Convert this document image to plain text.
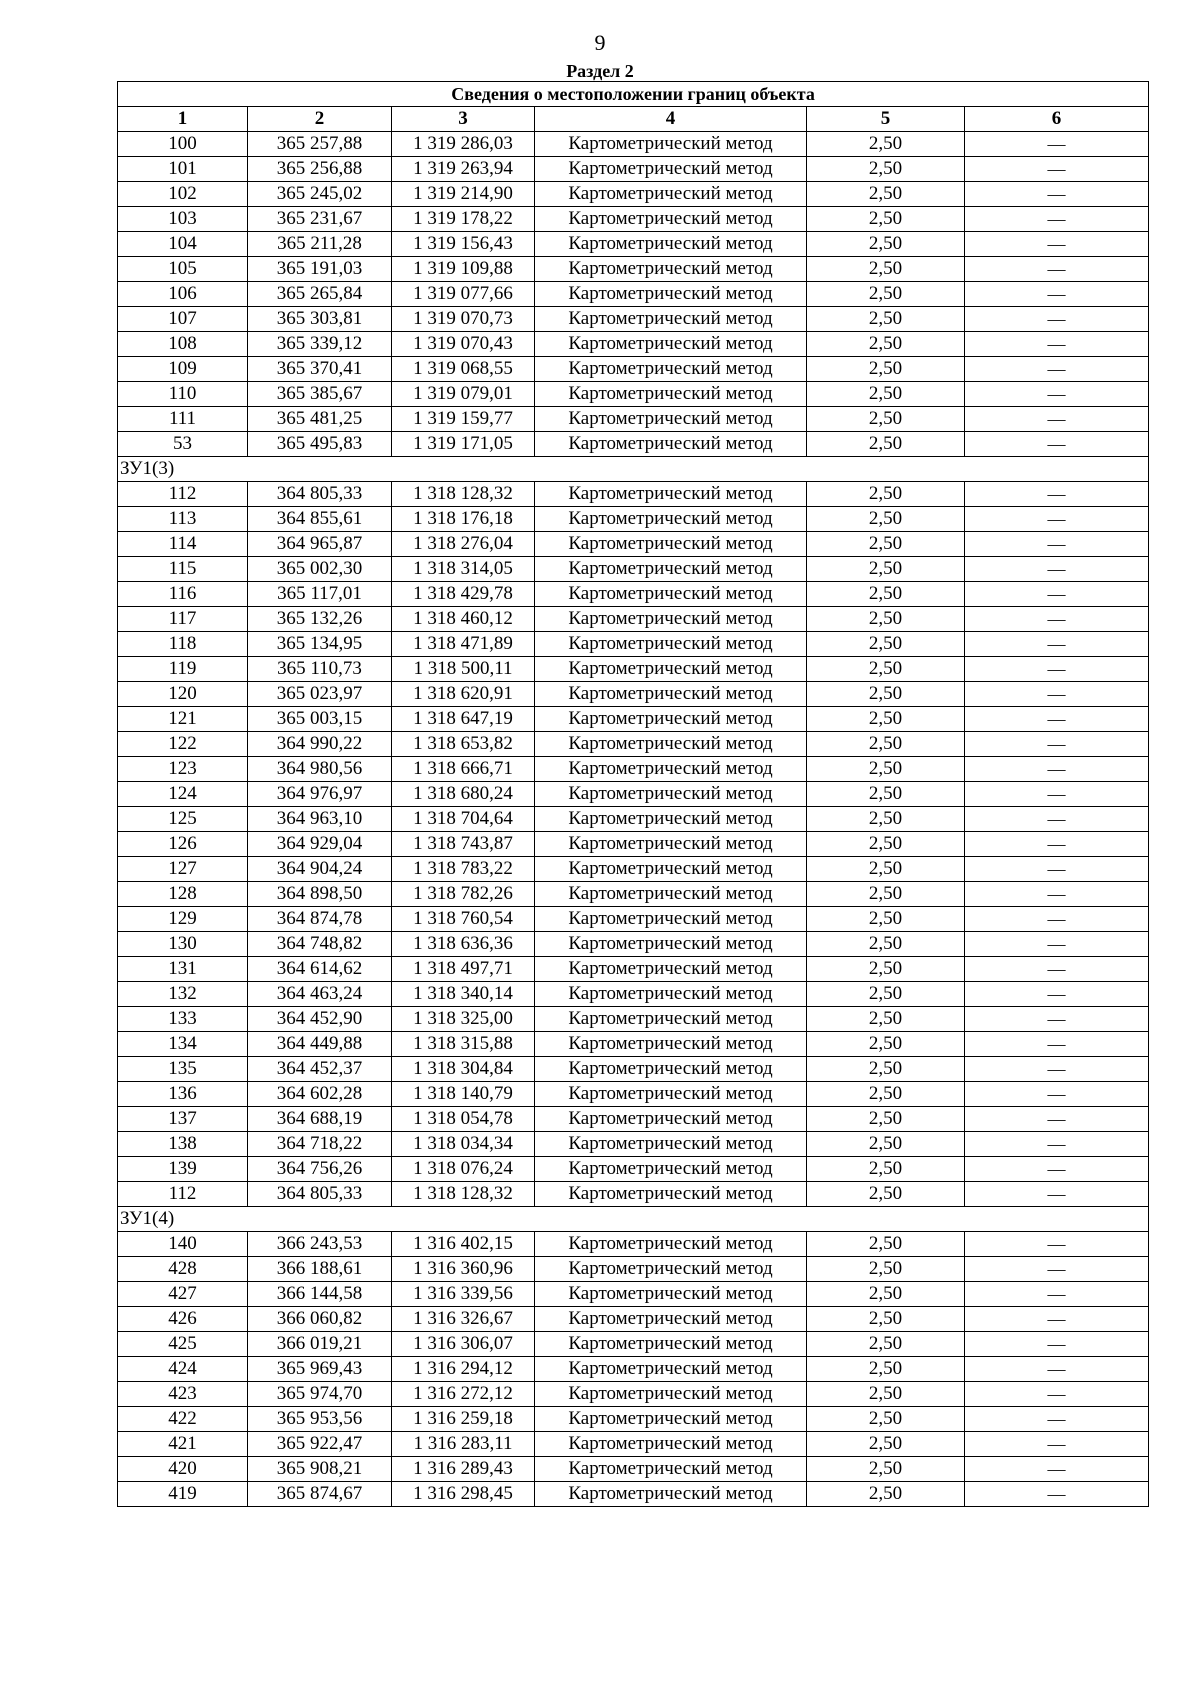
9
Раздел 2
Сведения о местоположении границ объекта					
1	2	3	4	5	6
100	365 257,88	1 319 286,03	Картометрический метод	2,50	—
101	365 256,88	1 319 263,94	Картометрический метод	2,50	—
102	365 245,02	1 319 214,90	Картометрический метод	2,50	—
103	365 231,67	1 319 178,22	Картометрический метод	2,50	—
104	365 211,28	1 319 156,43	Картометрический метод	2,50	—
105	365 191,03	1 319 109,88	Картометрический метод	2,50	—
106	365 265,84	1 319 077,66	Картометрический метод	2,50	—
107	365 303,81	1 319 070,73	Картометрический метод	2,50	—
108	365 339,12	1 319 070,43	Картометрический метод	2,50	—
109	365 370,41	1 319 068,55	Картометрический метод	2,50	—
110	365 385,67	1 319 079,01	Картометрический метод	2,50	—
111	365 481,25	1 319 159,77	Картометрический метод	2,50	—
53	365 495,83	1 319 171,05	Картометрический метод	2,50	—
ЗУ1(3)					
112	364 805,33	1 318 128,32	Картометрический метод	2,50	—
113	364 855,61	1 318 176,18	Картометрический метод	2,50	—
114	364 965,87	1 318 276,04	Картометрический метод	2,50	—
115	365 002,30	1 318 314,05	Картометрический метод	2,50	—
116	365 117,01	1 318 429,78	Картометрический метод	2,50	—
117	365 132,26	1 318 460,12	Картометрический метод	2,50	—
118	365 134,95	1 318 471,89	Картометрический метод	2,50	—
119	365 110,73	1 318 500,11	Картометрический метод	2,50	—
120	365 023,97	1 318 620,91	Картометрический метод	2,50	—
121	365 003,15	1 318 647,19	Картометрический метод	2,50	—
122	364 990,22	1 318 653,82	Картометрический метод	2,50	—
123	364 980,56	1 318 666,71	Картометрический метод	2,50	—
124	364 976,97	1 318 680,24	Картометрический метод	2,50	—
125	364 963,10	1 318 704,64	Картометрический метод	2,50	—
126	364 929,04	1 318 743,87	Картометрический метод	2,50	—
127	364 904,24	1 318 783,22	Картометрический метод	2,50	—
128	364 898,50	1 318 782,26	Картометрический метод	2,50	—
129	364 874,78	1 318 760,54	Картометрический метод	2,50	—
130	364 748,82	1 318 636,36	Картометрический метод	2,50	—
131	364 614,62	1 318 497,71	Картометрический метод	2,50	—
132	364 463,24	1 318 340,14	Картометрический метод	2,50	—
133	364 452,90	1 318 325,00	Картометрический метод	2,50	—
134	364 449,88	1 318 315,88	Картометрический метод	2,50	—
135	364 452,37	1 318 304,84	Картометрический метод	2,50	—
136	364 602,28	1 318 140,79	Картометрический метод	2,50	—
137	364 688,19	1 318 054,78	Картометрический метод	2,50	—
138	364 718,22	1 318 034,34	Картометрический метод	2,50	—
139	364 756,26	1 318 076,24	Картометрический метод	2,50	—
112	364 805,33	1 318 128,32	Картометрический метод	2,50	—
ЗУ1(4)					
140	366 243,53	1 316 402,15	Картометрический метод	2,50	—
428	366 188,61	1 316 360,96	Картометрический метод	2,50	—
427	366 144,58	1 316 339,56	Картометрический метод	2,50	—
426	366 060,82	1 316 326,67	Картометрический метод	2,50	—
425	366 019,21	1 316 306,07	Картометрический метод	2,50	—
424	365 969,43	1 316 294,12	Картометрический метод	2,50	—
423	365 974,70	1 316 272,12	Картометрический метод	2,50	—
422	365 953,56	1 316 259,18	Картометрический метод	2,50	—
421	365 922,47	1 316 283,11	Картометрический метод	2,50	—
420	365 908,21	1 316 289,43	Картометрический метод	2,50	—
419	365 874,67	1 316 298,45	Картометрический метод	2,50	—
